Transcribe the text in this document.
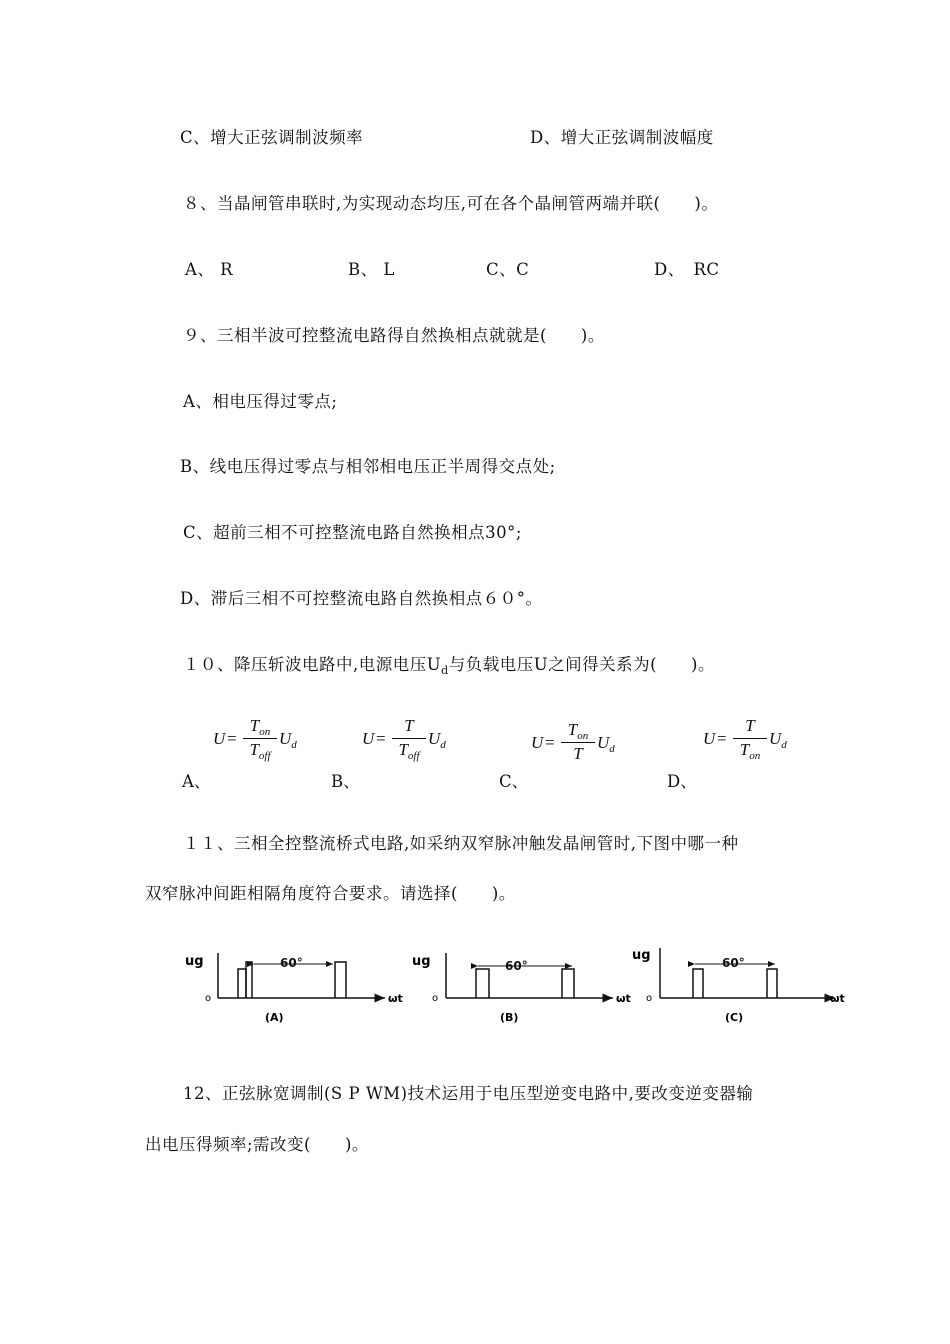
C、增大正弦调制波频率	D、增大正弦调制波幅度
８、当晶闸管串联时,为实现动态均压,可在各个晶闸管两端并联(　　)。
A、 R	B、 L	C、C	D、　RC
９、三相半波可控整流电路得自然换相点就就是(　　)。
A、相电压得过零点;
B、线电压得过零点与相邻相电压正半周得交点处;
C、超前三相不可控整流电路自然换相点30°;
D、滞后三相不可控整流电路自然换相点６０°。
１０、降压斩波电路中,电源电压$U_d$与负载电压U之间得关系为(　　)。
U =
$T_{on}$
$T_{off}$
$U_d$	U =
T
$T_{off}$
$U_d$	U =
$T_{on}$
T
$U_d$
U =
T
$T_{on}$
$U_d$
A、	B、	C、	D、
１１、三相全控整流桥式电路,如采纳双窄脉冲触发晶闸管时,下图中哪一种
双窄脉冲间距相隔角度符合要求。请选择(　　)。
ug
o
60°
ωt
(A)
ug
o
60°
ωt
(B)
ug
o
60°
ωt
(C)
12、正弦脉宽调制(S P WM)技术运用于电压型逆变电路中,要改变逆变器输
出电压得频率;需改变(　　)。
